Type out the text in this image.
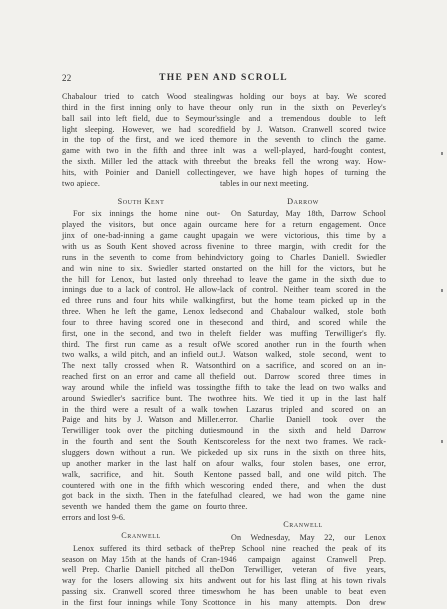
22	THE PEN AND SCROLL

Chabalour tried to catch Wood stealing
third in the first inning only to have the
ball sail into left field, due to Seymour's
light sleeping. However, we had scored
in the top of the first, and we iced the
game with two in the fifth and three in
the sixth. Miller led the attack with three
hits, with Poinier and Daniell collecting
two apiece.

South Kent

For six innings the home nine out-
played the visitors, but once again our
jinx of one-bad-inning a game caught up
with us as South Kent shoved across five
runs in the seventh to come from behind
and win nine to six. Swiedler started on
the hill for Lenox, but lasted only three
innings due to a lack of control. He allow-
ed three runs and four hits while walking
three. When he left the game, Lenox led
four to three having scored one in the
first, one in the second, and two in the
third. The first run came as a result of
two walks, a wild pitch, and an infield out.
The next tally crossed when R. Watson
reached first on an error and came all the
way around while the infield was tossing
around Swiedler's sacrifice bunt. The two
in the third were a result of a walk to
Paige and hits by J. Watson and Miller.
Terwilliger took over the pitching duties
in the fourth and sent the South Kent
sluggers down without a run. We picked
up another marker in the last half on a
walk, sacrifice, and hit. South Kent
countered with one in the fifth which we
got back in the sixth. Then in the fateful
seventh we handed them the game on four
errors and lost 9-6.

Cranwell

Lenox suffered its third setback of the
season on May 15th at the hands of Cran-
well Prep. Charlie Daniell pitched all the
way for the losers allowing six hits and
passing six. Cranwell scored three times
in the first four innings while Tony Scott

was holding our boys at bay. We scored
our only run in the sixth on Peverley's
single and a tremendous double to left
field by J. Watson. Cranwell scored twice
more in the seventh to clinch the game.
It was a well-played, hard-fought contest,
but the breaks fell the wrong way. How-
ever, we have high hopes of turning the
tables in our next meeting.

Darrow

On Saturday, May 18th, Darrow School
came here for a return engagement. Once
again we were victorious, this time by a
nine to three margin, with credit for the
victory going to Charles Daniell. Swiedler
started on the hill for the victors, but he
had to leave the game in the sixth due to
lack of control. Neither team scored in the
first, but the home team picked up in the
second and Chabalour walked, stole both
second and third, and scored while the
left fielder was muffing Terwilliger's fly.
We scored another run in the fourth when
J. Watson walked, stole second, went to
third on a sacrifice, and scored on an in-
field out. Darrow scored three times in
the fifth to take the lead on two walks and
three hits. We tied it up in the last half
when Lazarus tripled and scored on an
error. Charlie Daniell took over the
mound in the sixth and held Darrow
scoreless for the next two frames. We rack-
ed up six runs in the sixth on three hits,
four walks, four stolen bases, one error,
one passed ball, and one wild pitch. The
scoring ended there, and when the dust
had cleared, we had won the game nine
to three.

Cranwell

On Wednesday, May 22, our Lenox
Prep School nine reached the peak of its
1946 campaign against Cranwell Prep.
Don Terwilliger, veteran of five years,
went out for his last fling at his town rivals
whom he has been unable to beat even
once in his many attempts. Don drew
